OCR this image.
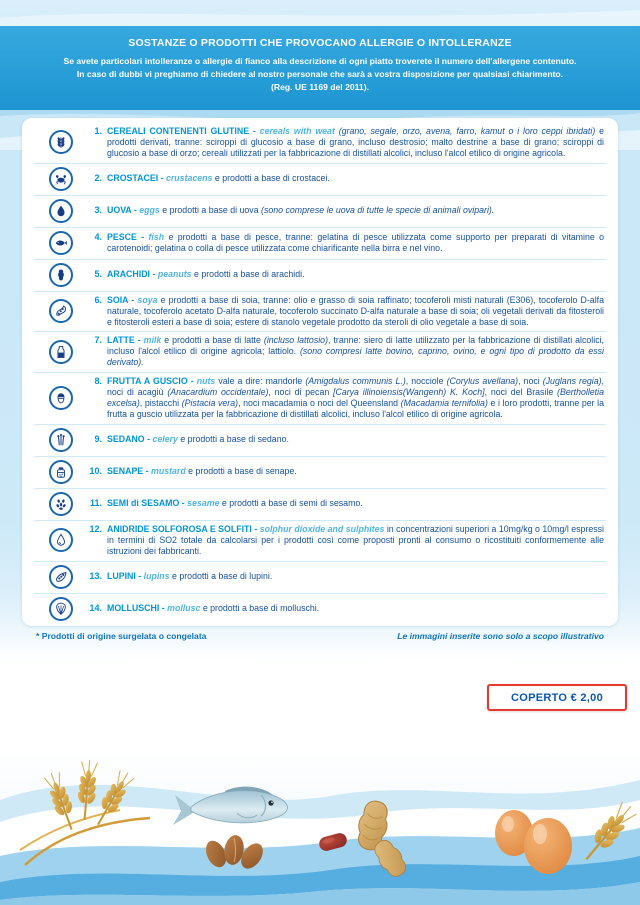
SOSTANZE O PRODOTTI CHE PROVOCANO ALLERGIE O INTOLLERANZE
Se avete particolari intolleranze o allergie di fianco alla descrizione di ogni piatto troverete il numero dell'allergene contenuto.
In caso di dubbi vi preghiamo di chiedere al nostro personale che sarà a vostra disposizione per qualsiasi chiarimento.
(Reg. UE 1169 del 2011).
1. CEREALI CONTENENTI GLUTINE - cereals with weat (grano, segale, orzo, avena, farro, kamut o i loro ceppi ibridati) e prodotti derivati, tranne: sciroppi di glucosio a base di grano, incluso destrosio; malto destrine a base di grano; sciroppi di glucosio a base di orzo; cereali utilizzati per la fabbricazione di distillati alcolici, incluso l'alcol etilico di origine agricola.

2. CROSTACEI - crustacens e prodotti a base di crostacei.

3. UOVA - eggs e prodotti a base di uova (sono comprese le uova di tutte le specie di animali ovipari).

4. PESCE - fish e prodotti a base di pesce, tranne: gelatina di pesce utilizzata come supporto per preparati di vitamine o carotenoidi; gelatina o colla di pesce utilizzata come chiarificante nella birra e nel vino.

5. ARACHIDI - peanuts e prodotti a base di arachidi.

6. SOIA - soya e prodotti a base di soia, tranne: olio e grasso di soia raffinato; tocoferoli misti naturali (E306), tocoferolo D-alfa naturale, tocoferolo acetato D-alfa naturale, tocoferolo succinato D-alfa naturale a base di soia; oli vegetali derivati da fitosteroli e fitosteroli esteri a base di soia; estere di stanolo vegetale prodotto da steroli di olio vegetale a base di soia.

7. LATTE - milk e prodotti a base di latte (incluso lattosio), tranne: siero di latte utilizzato per la fabbricazione di distillati alcolici, incluso l'alcol etilico di origine agricola; lattiolo. (sono compresi latte bovino, caprino, ovino, e ogni tipo di prodotto da essi derivato).

8. FRUTTA A GUSCIO - nuts vale a dire: mandorle (Amigdalus communis L.), nocciole (Corylus avellana), noci (Juglans regia), noci di acagiù (Anacardium occidentale), noci di pecan [Carya illinoiensis(Wangenh) K. Koch], noci del Brasile (Bertholletia excelsa), pistacchi (Pistacia vera), noci macadamia o noci del Queensland (Macadamia ternifolia) e i loro prodotti, tranne per la frutta a guscio utilizzata per la fabbricazione di distillati alcolici, incluso l'alcol etilico di origine agricola.

9. SEDANO - celery e prodotti a base di sedano.

10. SENAPE - mustard e prodotti a base di senape.

11. SEMI di SESAMO - sesame e prodotti a base di semi di sesamo.

12. ANIDRIDE SOLFOROSA E SOLFITI - solphur dioxide and sulphites in concentrazioni superiori a 10mg/kg o 10mg/l espressi in termini di SO2 totale da calcolarsi per i prodotti così come proposti pronti al consumo o ricostituiti conformemente alle istruzioni dei fabbricanti.

13. LUPINI - lupins e prodotti a base di lupini.

14. MOLLUSCHI - mollusc e prodotti a base di molluschi.

* Prodotti di origine surgelata o congelata	Le immagini inserite sono solo a scopo illustrativo
COPERTO € 2,00
